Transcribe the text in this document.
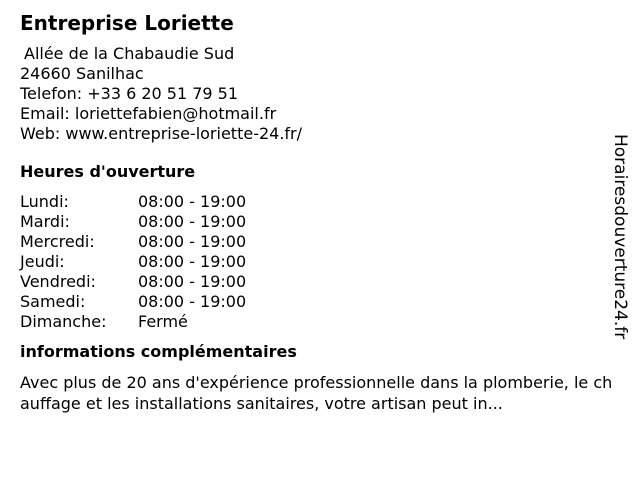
Entreprise Loriette
Allée de la Chabaudie Sud
24660 Sanilhac
Telefon: +33 6 20 51 79 51
Email: loriettefabien@hotmail.fr
Web: www.entreprise-loriette-24.fr/
Heures d'ouverture
Lundi:	08:00 - 19:00
Mardi:	08:00 - 19:00
Mercredi:	08:00 - 19:00
Jeudi:	08:00 - 19:00
Vendredi:	08:00 - 19:00
Samedi:	08:00 - 19:00
Dimanche:	Fermé
informations complémentaires
Avec plus de 20 ans d'expérience professionnelle dans la plomberie, le chauffage et les installations sanitaires, votre artisan peut in...
Horairesdouverture24.fr
